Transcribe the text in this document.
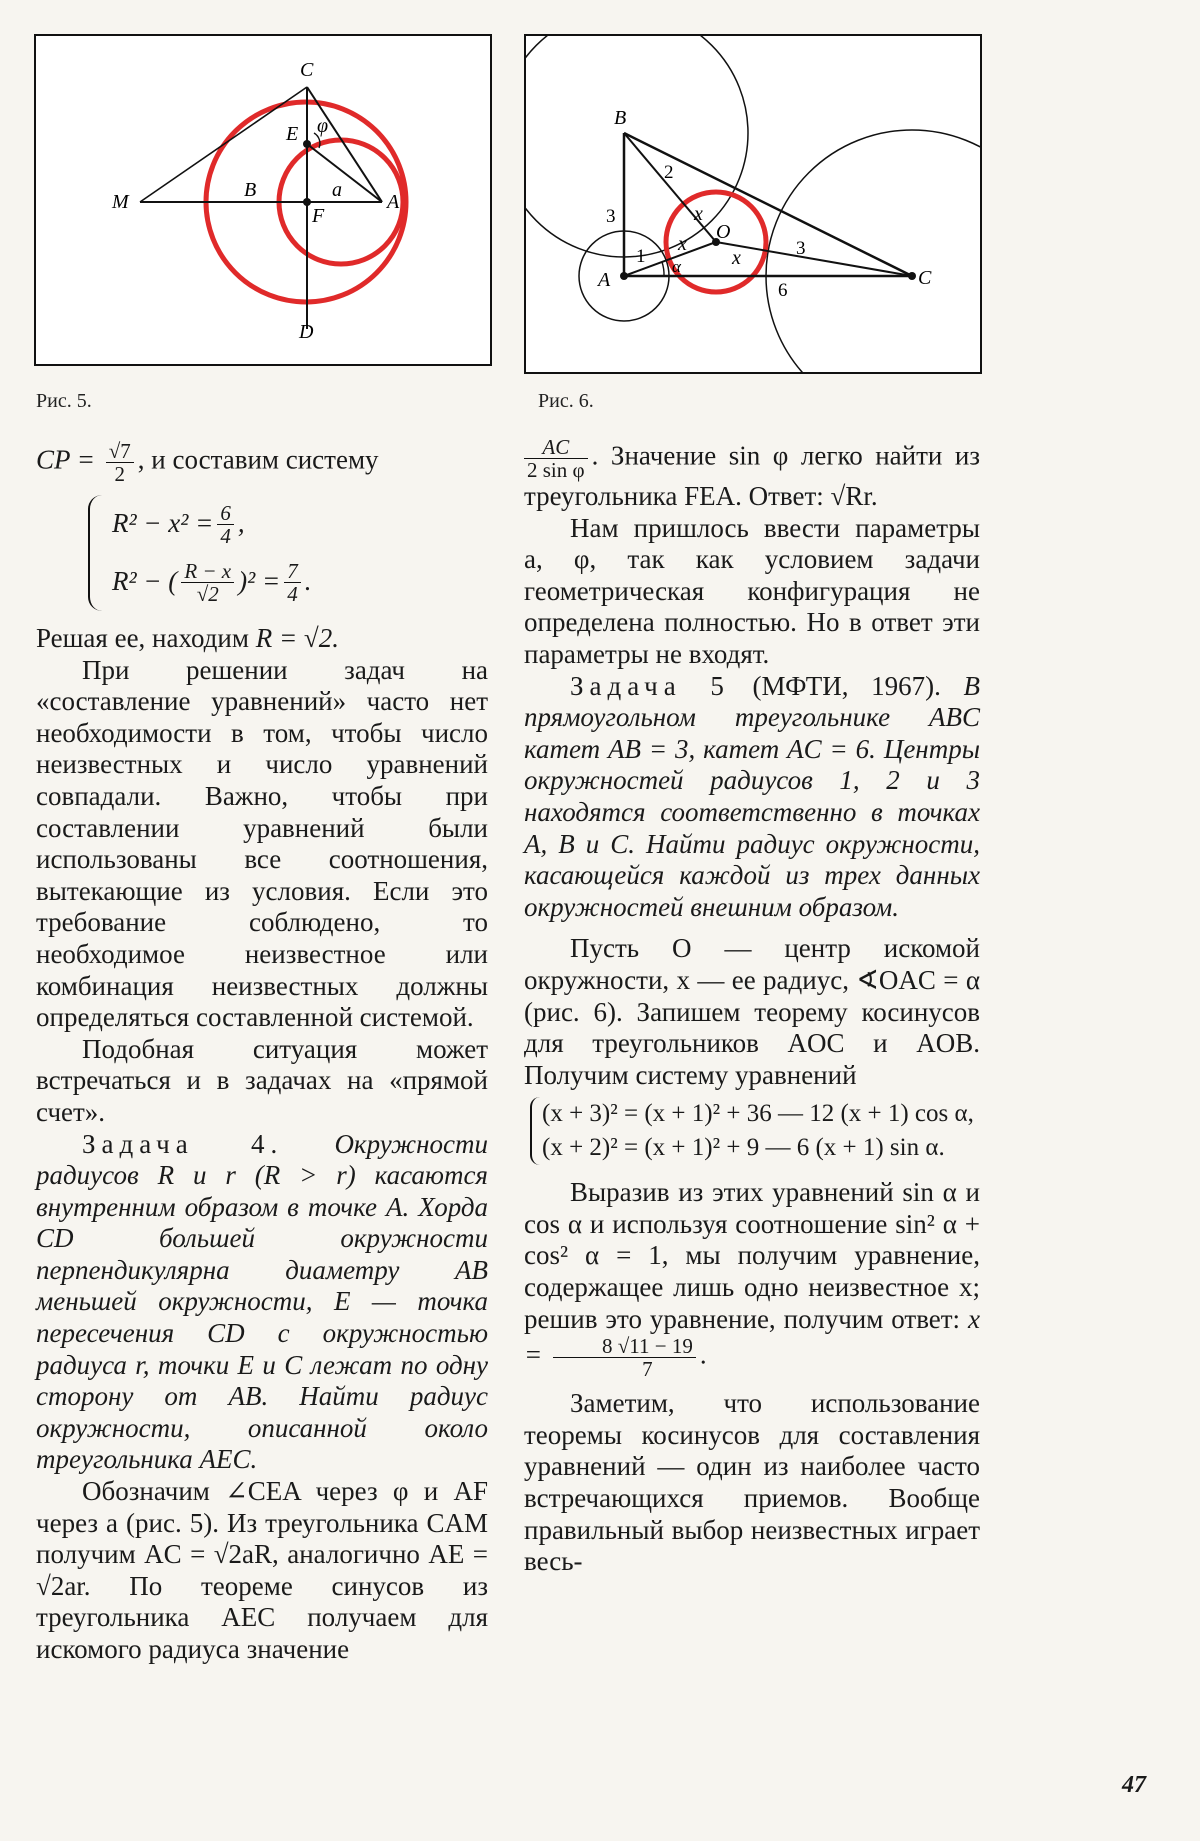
C
E φ
M
B	a
A
F
D
Рис. 5.
B
O
A	C
2
3
3
1
6
x
x
x
α
Рис. 6.

CP = $\frac{√7}{2}$ , и составим систему

$R^2 - x^2 = \frac{6}{4}$ ,
R² − ( R − x
√2 )$^2 = \frac{7}{4}$ .

Решая ее, находим R = √2.

При решении задач на «составление уравнений» часто нет необходимости в том, чтобы число неизвестных и число уравнений совпадали. Важно, чтобы при составлении уравнений были использованы все соотношения, вытекающие из условия. Если это требование соблюдено, то необходимое неизвестное или комбинация неизвестных должны определяться составленной системой.

Подобная ситуация может встречаться и в задачах на «прямой счет».

Задача 4. Окружности радиусов R и r (R > r) касаются внутренним образом в точке A. Хорда CD большей окружности перпендикулярна диаметру AB меньшей окружности, E — точка пересечения CD с окружностью радиуса r, точки E и C лежат по одну сторону от AB. Найти радиус окружности, описанной около треугольника AEC.

Обозначим ∠CEA через φ и AF через a (рис. 5). Из треугольника CAM получим AC = √2aR, аналогично AE = √2ar. По теореме синусов из треугольника AEC получаем для искомого радиуса значение

$\frac{AC}{\text{2 sin φ}}$ . Значение sin φ легко найти из треугольника FEA. Ответ: √Rr.

Нам пришлось ввести параметры a, φ, так как условием задачи геометрическая конфигурация не определена полностью. Но в ответ эти параметры не входят.

Задача 5 (МФТИ, 1967). В прямоугольном треугольнике ABC катет AB = 3, катет AC = 6. Центры окружностей радиусов 1, 2 и 3 находятся соответственно в точках A, B и C. Найти радиус окружности, касающейся каждой из трех данных окружностей внешним образом.

Пусть O — центр искомой окружности, x — ее радиус, ∢OAC = α (рис. 6). Запишем теорему косинусов для треугольников AOC и AOB. Получим систему уравнений

(x + 3)² = (x + 1)² + 36 — 12 (x + 1) cos α,
(x + 2)² = (x + 1)² + 9 — 6 (x + 1) sin α.

Выразив из этих уравнений sin α и cos α и используя соотношение sin² α + cos² α = 1, мы получим уравнение, содержащее лишь одно неизвестное x; решив это уравнение, получим ответ: $x = \frac{8 √11 - 19}{7}$ .

Заметим, что использование теоремы косинусов для составления уравнений — один из наиболее часто встречающихся приемов. Вообще правильный выбор неизвестных играет весь-

47
